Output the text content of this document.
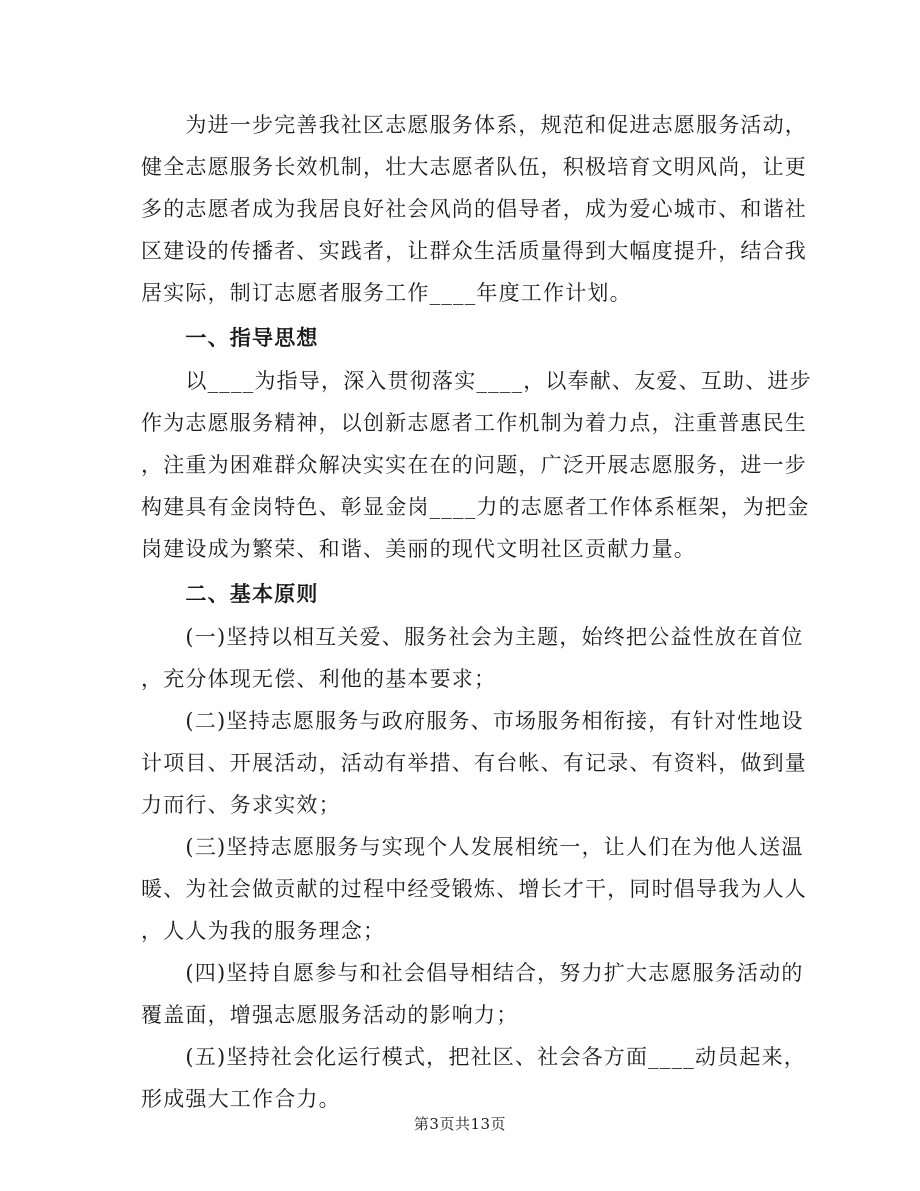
　　为进一步完善我社区志愿服务体系，规范和促进志愿服务活动，
健全志愿服务长效机制，壮大志愿者队伍，积极培育文明风尚，让更
多的志愿者成为我居良好社会风尚的倡导者，成为爱心城市、和谐社
区建设的传播者、实践者，让群众生活质量得到大幅度提升，结合我
居实际，制订志愿者服务工作____年度工作计划。
　　一、指导思想
　　以____为指导，深入贯彻落实____，以奉献、友爱、互助、进步
作为志愿服务精神，以创新志愿者工作机制为着力点，注重普惠民生
，注重为困难群众解决实实在在的问题，广泛开展志愿服务，进一步
构建具有金岗特色、彰显金岗____力的志愿者工作体系框架，为把金
岗建设成为繁荣、和谐、美丽的现代文明社区贡献力量。
　　二、基本原则
　　(一)坚持以相互关爱、服务社会为主题，始终把公益性放在首位
，充分体现无偿、利他的基本要求；
　　(二)坚持志愿服务与政府服务、市场服务相衔接，有针对性地设
计项目、开展活动，活动有举措、有台帐、有记录、有资料，做到量
力而行、务求实效；
　　(三)坚持志愿服务与实现个人发展相统一，让人们在为他人送温
暖、为社会做贡献的过程中经受锻炼、增长才干，同时倡导我为人人
，人人为我的服务理念；
　　(四)坚持自愿参与和社会倡导相结合，努力扩大志愿服务活动的
覆盖面，增强志愿服务活动的影响力；
　　(五)坚持社会化运行模式，把社区、社会各方面____动员起来，
形成强大工作合力。
第3页共13页
